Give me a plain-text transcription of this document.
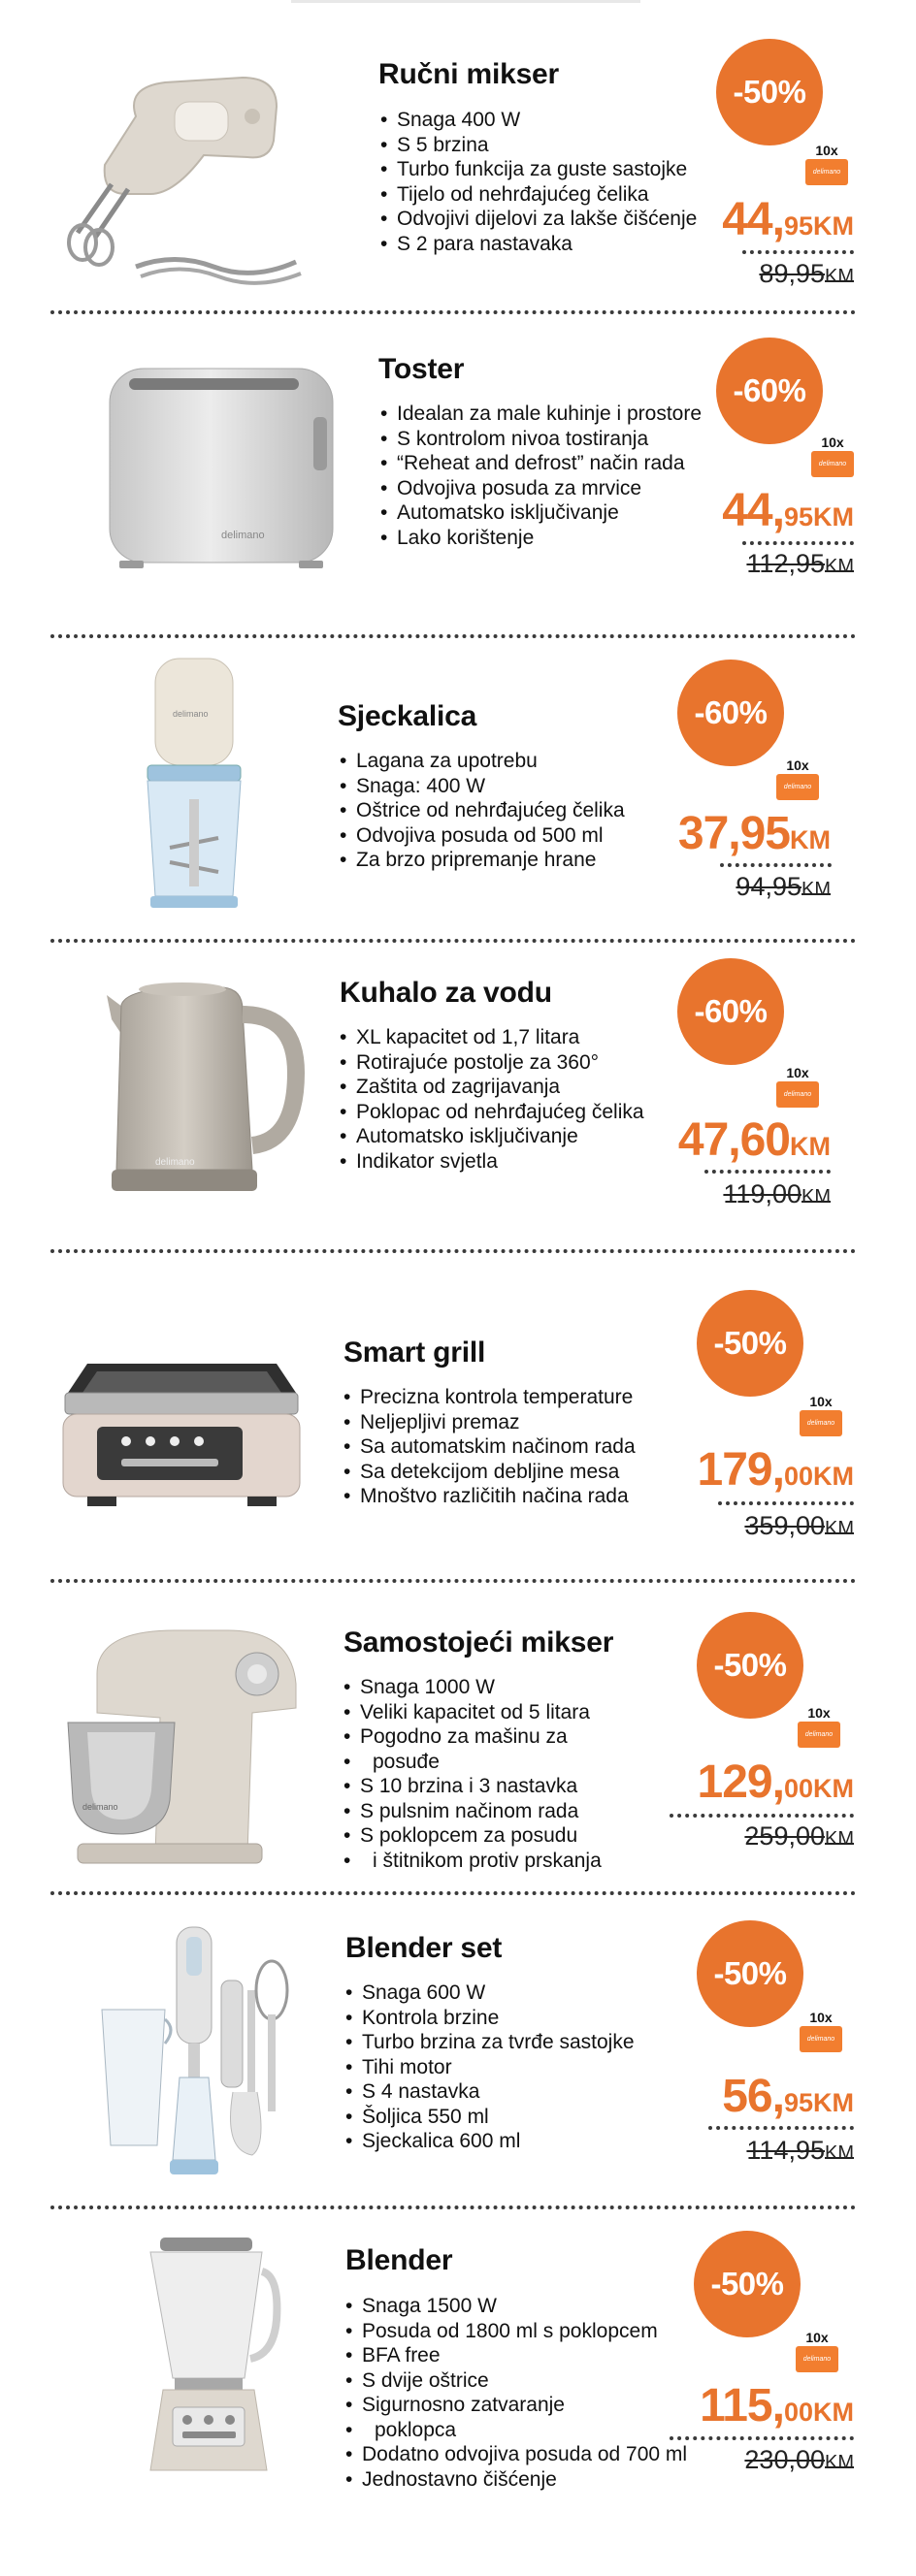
Ručni mikser
• Snaga 400 W
• S 5 brzina
• Turbo funkcija za guste sastojke
• Tijelo od nehrđajućeg čelika
• Odvojivi dijelovi za lakše čišćenje
• S 2 para nastavaka
-50%
10x
delimano
44,95KM
89,95KM
delimano
Toster
• Idealan za male kuhinje i prostore
• S kontrolom nivoa tostiranja
• “Reheat and defrost” način rada
• Odvojiva posuda za mrvice
• Automatsko isključivanje
• Lako korištenje
-60%
10x
delimano
44,95KM
112,95KM
delimano	Sjeckalica
• Lagana za upotrebu
• Snaga: 400 W
• Oštrice od nehrđajućeg čelika
• Odvojiva posuda od 500 ml
• Za brzo pripremanje hrane
-60%
10x
delimano
37,95KM
94,95KM
delimano
Kuhalo za vodu
• XL kapacitet od 1,7 litara
• Rotirajuće postolje za 360°
• Zaštita od zagrijavanja
• Poklopac od nehrđajućeg čelika
• Automatsko isključivanje
• Indikator svjetla
-60%
10x
delimano
47,60KM
119,00KM
Smart grill
• Precizna kontrola temperature
• Neljepljivi premaz
• Sa automatskim načinom rada
• Sa detekcijom debljine mesa
• Mnoštvo različitih načina rada
-50%
10x
delimano
179,00KM
359,00KM
delimano
Samostojeći mikser
• Snaga 1000 W
• Veliki kapacitet od 5 litara
• Pogodno za mašinu za
• posuđe
• S 10 brzina i 3 nastavka
• S pulsnim načinom rada
• S poklopcem za posudu
• i štitnikom protiv prskanja
-50%
10x
delimano
129,00KM
259,00KM
Blender set
• Snaga 600 W
• Kontrola brzine
• Turbo brzina za tvrđe sastojke
• Tihi motor
• S 4 nastavka
• Šoljica 550 ml
• Sjeckalica 600 ml
-50%
10x
delimano
56,95KM
114,95KM
Blender
• Snaga 1500 W
• Posuda od 1800 ml s poklopcem
• BFA free
• S dvije oštrice
• Sigurnosno zatvaranje
• poklopca
• Dodatno odvojiva posuda od 700 ml
• Jednostavno čišćenje
-50%
10x
delimano
115,00KM
230,00KM
